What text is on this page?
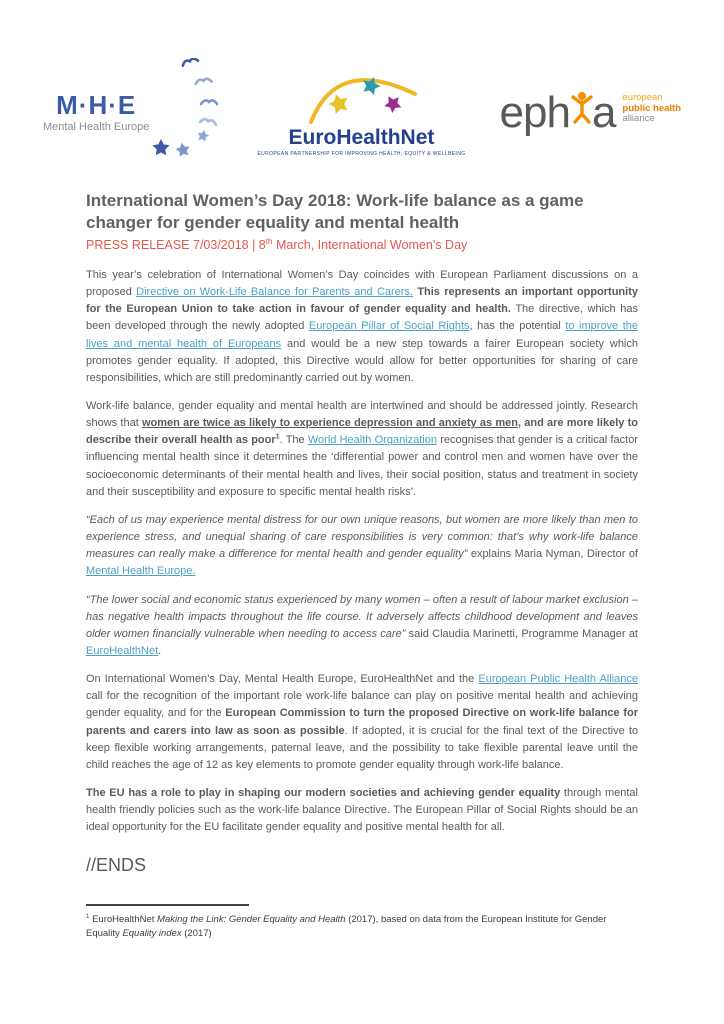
M·H·E
Mental Health Europe	EuroHealthNet
EUROPEAN PARTNERSHIP FOR IMPROVING HEALTH, EQUITY & WELLBEING
eph a european
public health
alliance
International Women’s Day 2018: Work-life balance as a game changer for gender equality and mental health

PRESS RELEASE 7/03/2018 | 8th March, International Women’s Day

This year’s celebration of International Women’s Day coincides with European Parliament discussions on a proposed Directive on Work-Life Balance for Parents and Carers. This represents an important opportunity for the European Union to take action in favour of gender equality and health. The directive, which has been developed through the newly adopted European Pillar of Social Rights, has the potential to improve the lives and mental health of Europeans and would be a new step towards a fairer European society which promotes gender equality. If adopted, this Directive would allow for better opportunities for sharing of care responsibilities, which are still predominantly carried out by women.

Work-life balance, gender equality and mental health are intertwined and should be addressed jointly. Research shows that women are twice as likely to experience depression and anxiety as men, and are more likely to describe their overall health as poor$^1$. The World Health Organization recognises that gender is a critical factor influencing mental health since it determines the ‘differential power and control men and women have over the socioeconomic determinants of their mental health and lives, their social position, status and treatment in society and their susceptibility and exposure to specific mental health risks’.

“Each of us may experience mental distress for our own unique reasons, but women are more likely than men to experience stress, and unequal sharing of care responsibilities is very common: that’s why work-life balance measures can really make a difference for mental health and gender equality” explains Maria Nyman, Director of Mental Health Europe.

“The lower social and economic status experienced by many women – often a result of labour market exclusion – has negative health impacts throughout the life course. It adversely affects childhood development and leaves older women financially vulnerable when needing to access care” said Claudia Marinetti, Programme Manager at EuroHealthNet.

On International Women’s Day, Mental Health Europe, EuroHealthNet and the European Public Health Alliance call for the recognition of the important role work-life balance can play on positive mental health and achieving gender equality, and for the European Commission to turn the proposed Directive on work-life balance for parents and carers into law as soon as possible. If adopted, it is crucial for the final text of the Directive to keep flexible working arrangements, paternal leave, and the possibility to take flexible parental leave until the child reaches the age of 12 as key elements to promote gender equality through work-life balance.

The EU has a role to play in shaping our modern societies and achieving gender equality through mental health friendly policies such as the work-life balance Directive. The European Pillar of Social Rights should be an ideal opportunity for the EU facilitate gender equality and positive mental health for all.

//ENDS

$^1$ EuroHealthNet Making the Link: Gender Equality and Health (2017), based on data from the European Institute for Gender Equality Equality index (2017)
